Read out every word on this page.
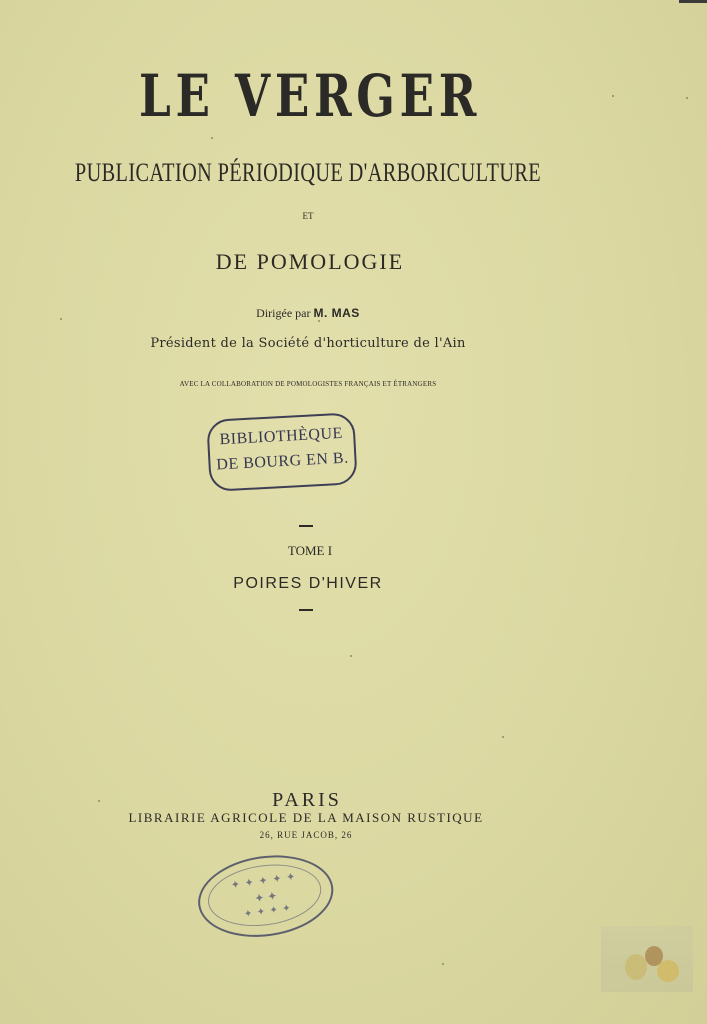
LE VERGER
PUBLICATION PÉRIODIQUE D'ARBORICULTURE
ET
DE POMOLOGIE
Dirigée par M. MAS
Président de la Société d'horticulture de l'Ain
AVEC LA COLLABORATION DE POMOLOGISTES FRANÇAIS ET ÉTRANGERS
BIBLIOTHÈQUE
DE BOURG EN B.
TOME I
POIRES D'HIVER
PARIS
LIBRAIRIE AGRICOLE DE LA MAISON RUSTIQUE
26, RUE JACOB, 26
✦ ✦ ✦ ✦ ✦
✦ ✦
✦ ✦ ✦ ✦
